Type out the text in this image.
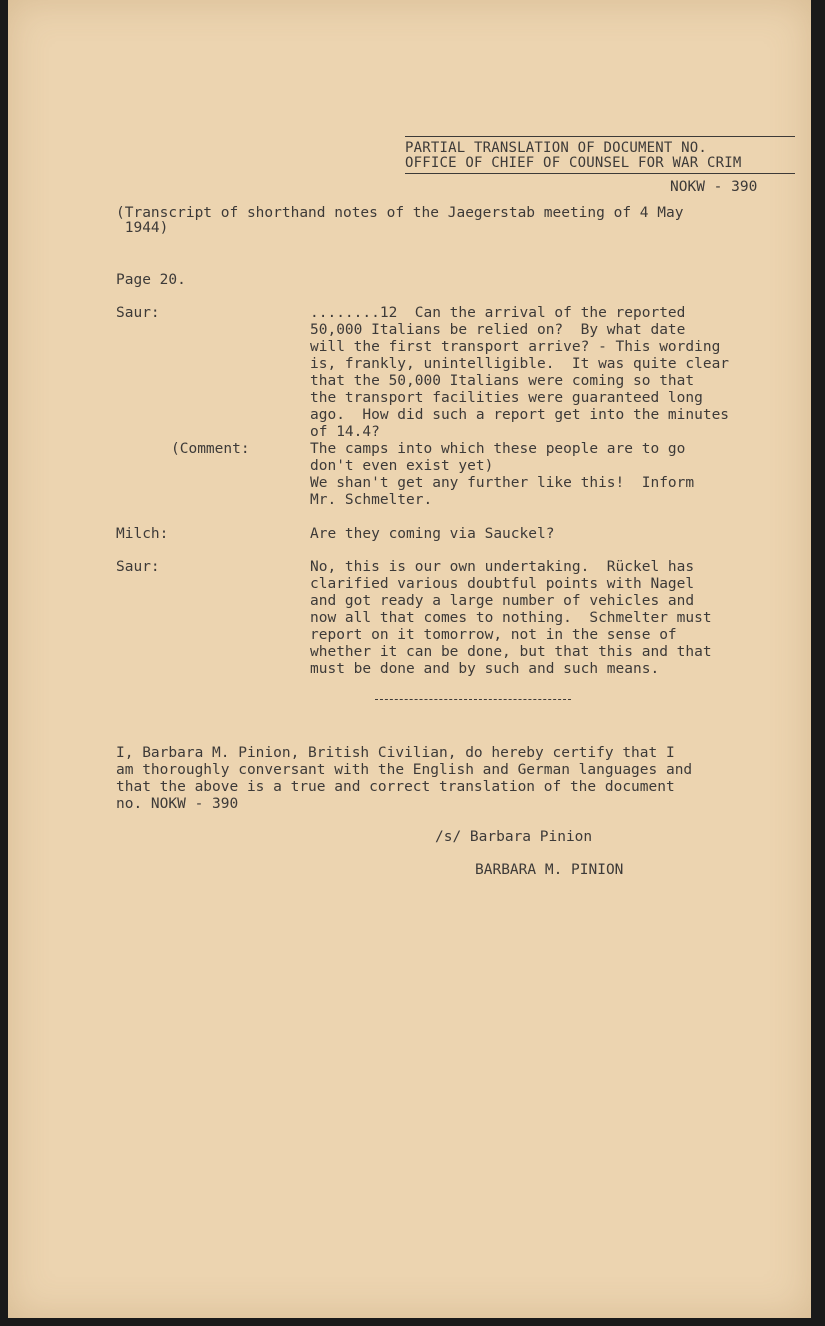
PARTIAL TRANSLATION OF DOCUMENT NO.
OFFICE OF CHIEF OF COUNSEL FOR WAR CRIM
NOKW - 390
(Transcript of shorthand notes of the Jaegerstab meeting of 4 May
1944)
Page 20.
Saur:	........12  Can the arrival of the reported
50,000 Italians be relied on?  By what date
will the first transport arrive? - This wording
is, frankly, unintelligible.  It was quite clear
that the 50,000 Italians were coming so that
the transport facilities were guaranteed long
ago.  How did such a report get into the minutes
of 14.4?
(Comment:	The camps into which these people are to go
don't even exist yet)
We shan't get any further like this!  Inform
Mr. Schmelter.
Milch:	Are they coming via Sauckel?
Saur:	No, this is our own undertaking.  Rückel has
clarified various doubtful points with Nagel
and got ready a large number of vehicles and
now all that comes to nothing.  Schmelter must
report on it tomorrow, not in the sense of
whether it can be done, but that this and that
must be done and by such and such means.
I, Barbara M. Pinion, British Civilian, do hereby certify that I
am thoroughly conversant with the English and German languages and
that the above is a true and correct translation of the document
no. NOKW - 390
/s/ Barbara Pinion
BARBARA M. PINION
